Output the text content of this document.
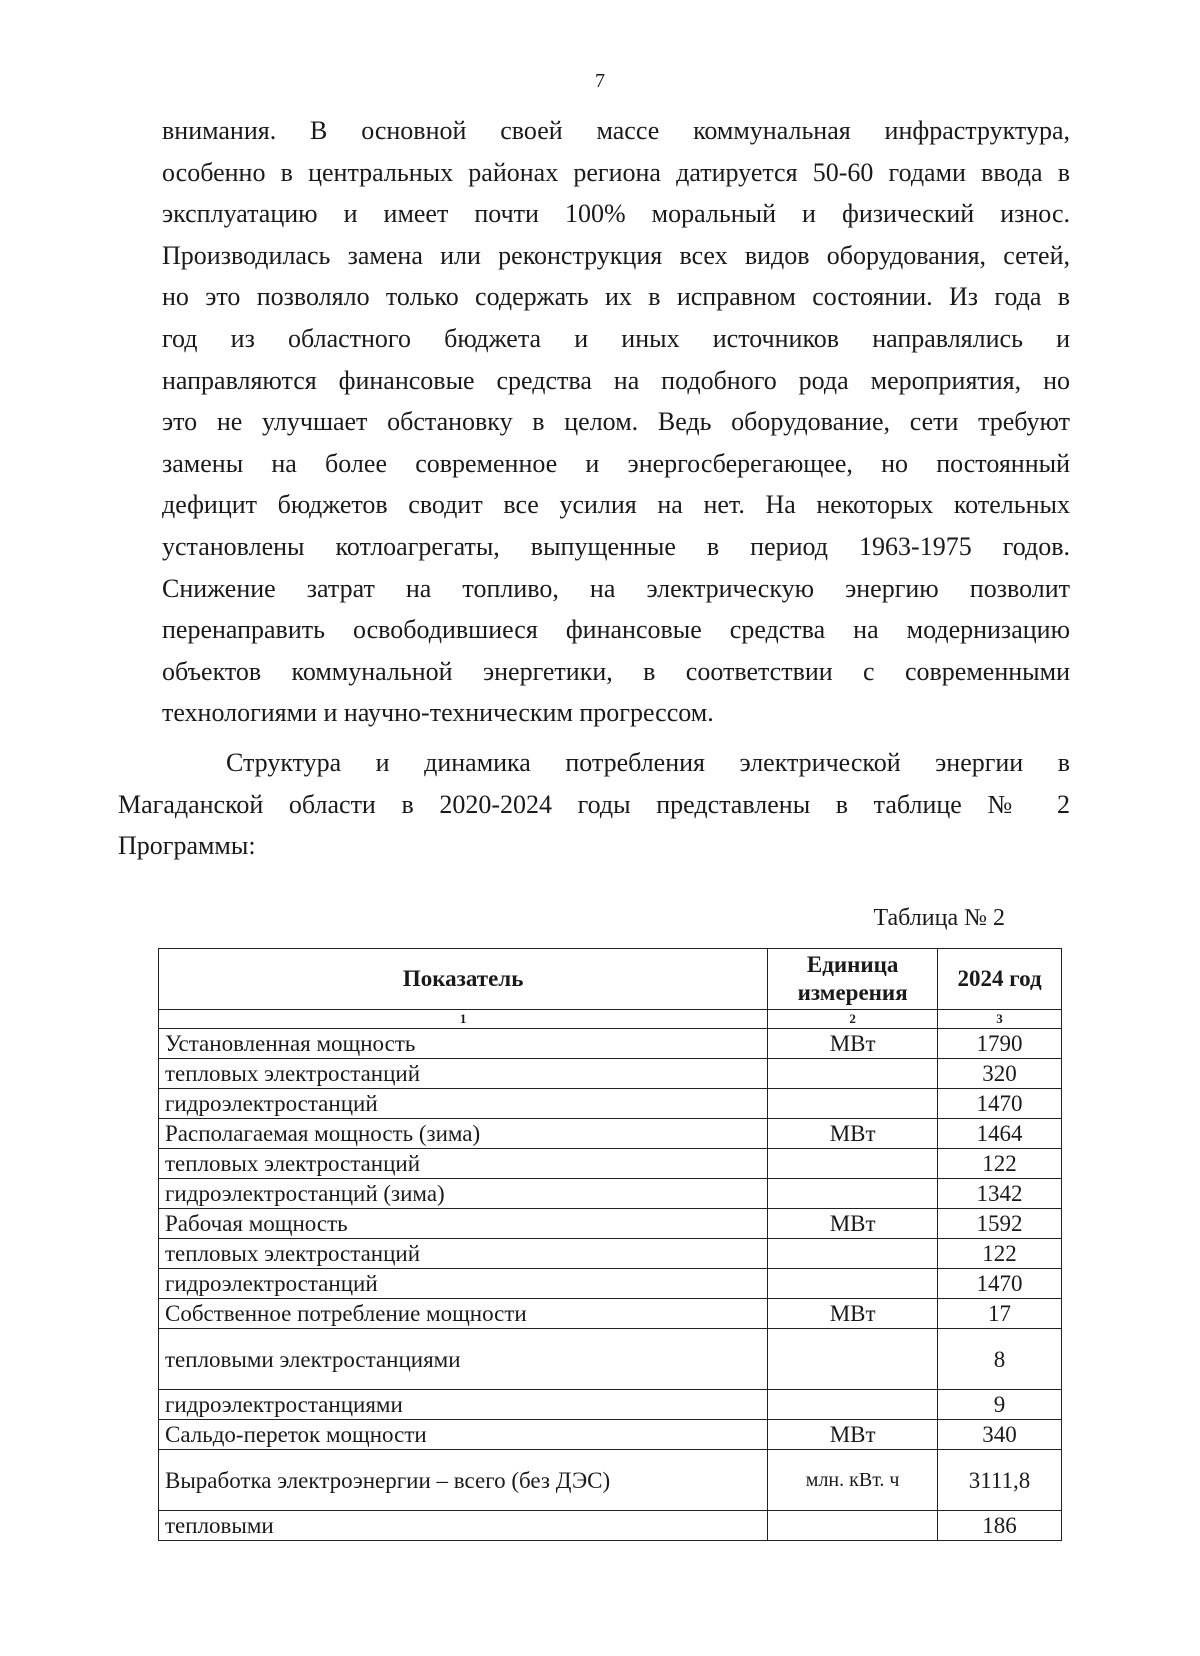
7
внимания. В основной своей массе коммунальная инфраструктура,
особенно в центральных районах региона датируется 50-60 годами ввода в
эксплуатацию и имеет почти 100% моральный и физический износ.
Производилась замена или реконструкция всех видов оборудования, сетей,
но это позволяло только содержать их в исправном состоянии. Из года в
год из областного бюджета и иных источников направлялись и
направляются финансовые средства на подобного рода мероприятия, но
это не улучшает обстановку в целом. Ведь оборудование, сети требуют
замены на более современное и энергосберегающее, но постоянный
дефицит бюджетов сводит все усилия на нет. На некоторых котельных
установлены котлоагрегаты, выпущенные в период 1963-1975 годов.
Снижение затрат на топливо, на электрическую энергию позволит
перенаправить освободившиеся финансовые средства на модернизацию
объектов коммунальной энергетики, в соответствии с современными
технологиями и научно-техническим прогрессом.
Структура и динамика потребления электрической энергии в
Магаданской области в 2020-2024 годы представлены в таблице № 2
Программы:
Таблица № 2
Показатель	Единица измерения	2024 год
1	2	3
Установленная мощность	МВт	1790
тепловых электростанций		320
гидроэлектростанций		1470
Располагаемая мощность (зима)	МВт	1464
тепловых электростанций		122
гидроэлектростанций (зима)		1342
Рабочая мощность	МВт	1592
тепловых электростанций		122
гидроэлектростанций		1470
Собственное потребление мощности	МВт	17
тепловыми электростанциями		8
гидроэлектростанциями		9
Сальдо-переток мощности	МВт	340
Выработка электроэнергии – всего (без ДЭС)	млн. кВт. ч	3111,8
тепловыми		186
